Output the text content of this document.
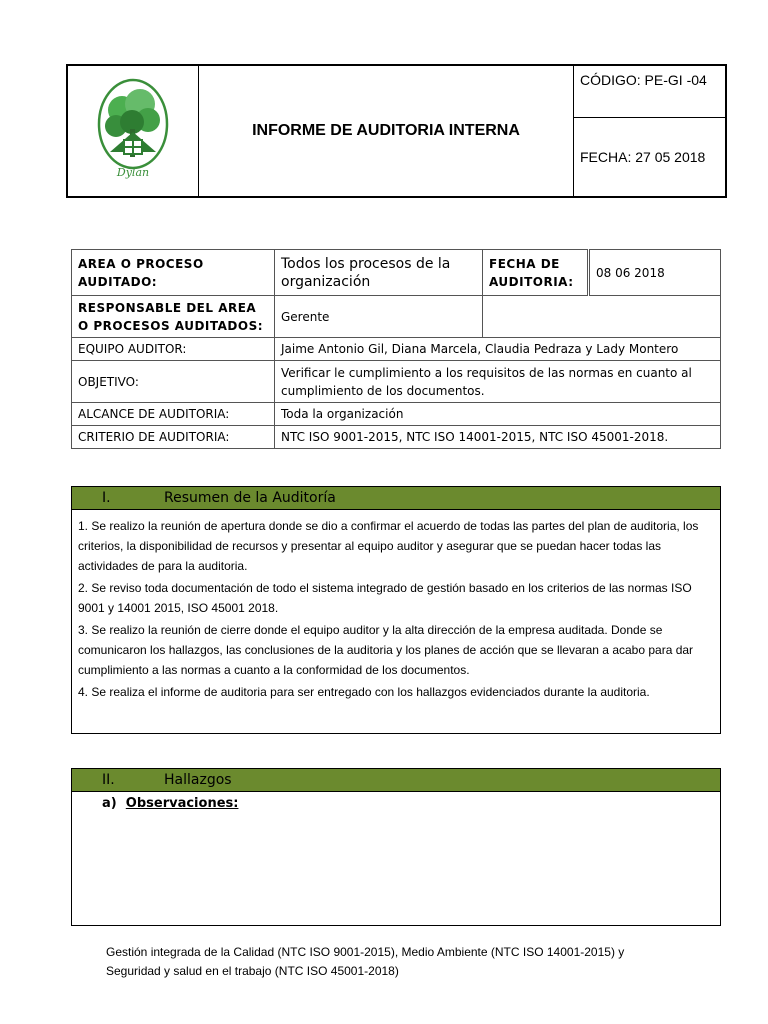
Dylan
	INFORME DE AUDITORIA INTERNA	CÓDIGO: PE-GI -04
FECHA: 27 05 2018
AREA O PROCESO AUDITADO:	Todos los procesos de la organización	FECHA DE AUDITORIA:	08 06 2018
RESPONSABLE DEL AREA O PROCESOS AUDITADOS:	Gerente		
EQUIPO AUDITOR:	Jaime Antonio Gil, Diana Marcela, Claudia Pedraza y Lady Montero		
OBJETIVO:	Verificar le cumplimiento a los requisitos de las normas en cuanto al cumplimiento de los documentos.		
ALCANCE DE AUDITORIA:	Toda la organización		
CRITERIO DE AUDITORIA:	NTC ISO 9001-2015, NTC ISO 14001-2015, NTC ISO 45001-2018.		
I.	Resumen de la Auditoría

1. Se realizo la reunión de apertura donde se dio a confirmar el acuerdo de todas las partes del plan de auditoria, los criterios, la disponibilidad de recursos y presentar al equipo auditor y asegurar que se puedan hacer todas las actividades de para la auditoria.

2. Se reviso toda documentación de todo el sistema integrado de gestión basado en los criterios de las normas ISO 9001 y 14001 2015, ISO 45001 2018.

3. Se realizo la reunión de cierre donde el equipo auditor y la alta dirección de la empresa auditada. Donde se comunicaron los hallazgos, las conclusiones de la auditoria y los planes de acción que se llevaran a acabo para dar cumplimiento a las normas a cuanto a la conformidad de los documentos.

4. Se realiza el informe de auditoria para ser entregado con los hallazgos evidenciados durante la auditoria.

II.	Hallazgos
a) Observaciones:
Gestión integrada de la Calidad (NTC ISO 9001-2015), Medio Ambiente (NTC ISO 14001-2015) y
Seguridad y salud en el trabajo (NTC ISO 45001-2018)
